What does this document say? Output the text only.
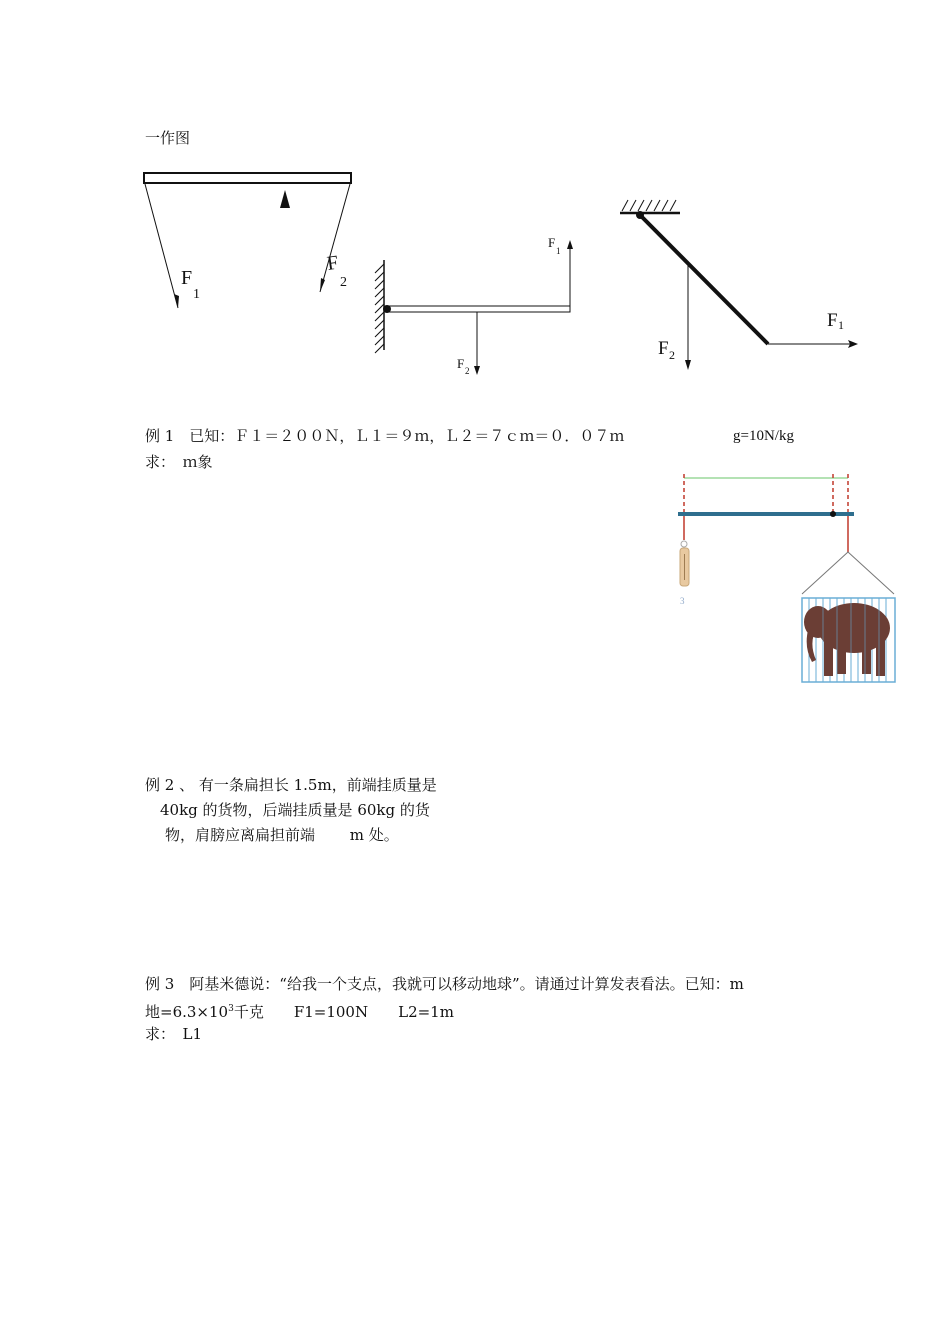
一作图
F
1
F
2
F
1
F 2
F 1
F 2
例 1　已知：Ｆ１＝２００Ｎ，Ｌ１＝９ｍ，Ｌ２＝７ｃｍ＝０．０７ｍ	g=10N/kg
求：　ｍ象
3
例 2 、 有一条扁担长 1.5m，前端挂质量是
40kg 的货物，后端挂质量是 60kg 的货
物，肩膀应离扁担前端　　 m 处。
例 3　阿基米德说：“给我一个支点，我就可以移动地球”。请通过计算发表看法。已知：m
地$=6.3\times 10^3$千克　　F1=100N　　L2=1m
求：　L1
